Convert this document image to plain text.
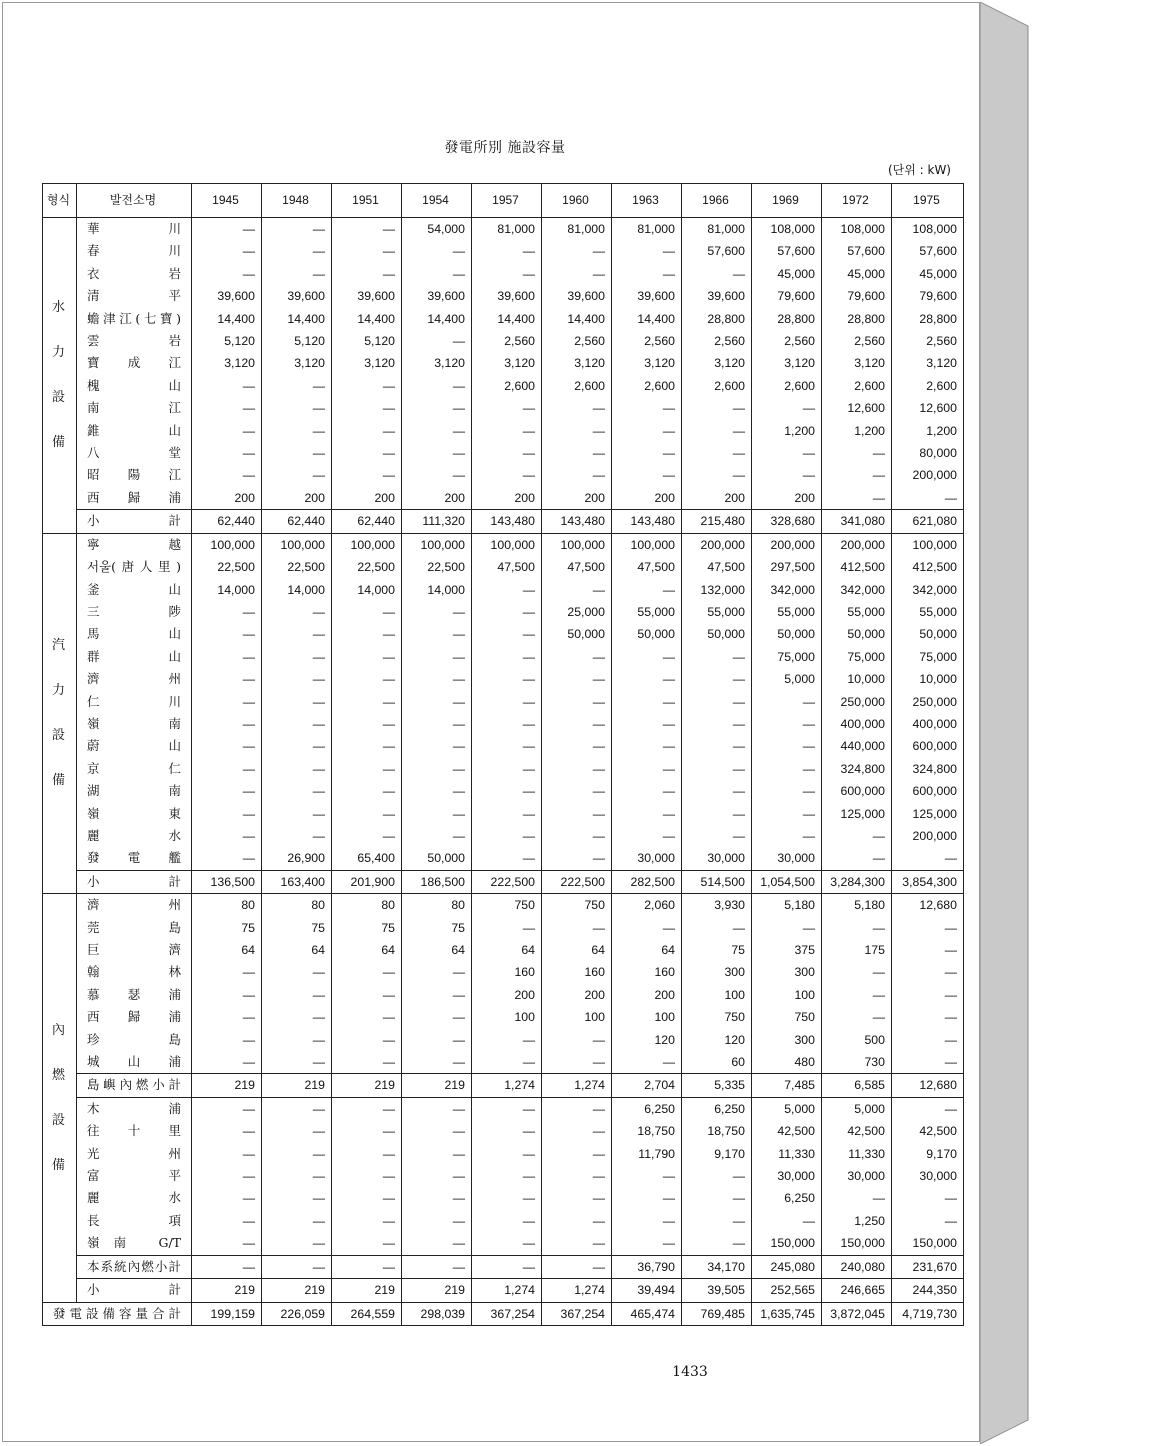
發電所別 施設容量
(단위 : kW)
형식	발전소명	1945	1948	1951	1954	1957	1960	1963	1966	1969	1972	1975

水
力
設
備	華川	—	—	—	54,000	81,000	81,000	81,000	81,000	108,000	108,000	108,000
	春川	—	—	—	—	—	—	—	57,600	57,600	57,600	57,600
	衣岩	—	—	—	—	—	—	—	—	45,000	45,000	45,000
	清平	39,600	39,600	39,600	39,600	39,600	39,600	39,600	39,600	79,600	79,600	79,600
	蟾津江(七寶)	14,400	14,400	14,400	14,400	14,400	14,400	14,400	28,800	28,800	28,800	28,800
	雲岩	5,120	5,120	5,120	—	2,560	2,560	2,560	2,560	2,560	2,560	2,560
	寶成江	3,120	3,120	3,120	3,120	3,120	3,120	3,120	3,120	3,120	3,120	3,120
	槐山	—	—	—	—	2,600	2,600	2,600	2,600	2,600	2,600	2,600
	南江	—	—	—	—	—	—	—	—	—	12,600	12,600
	錐山	—	—	—	—	—	—	—	—	1,200	1,200	1,200
	八堂	—	—	—	—	—	—	—	—	—	—	80,000
	昭陽江	—	—	—	—	—	—	—	—	—	—	200,000
	西歸浦	200	200	200	200	200	200	200	200	200	—	—
	小計	62,440	62,440	62,440	111,320	143,480	143,480	143,480	215,480	328,680	341,080	621,080

汽
力
設
備	寧越	100,000	100,000	100,000	100,000	100,000	100,000	100,000	200,000	200,000	200,000	100,000
	서울(唐人里)	22,500	22,500	22,500	22,500	47,500	47,500	47,500	47,500	297,500	412,500	412,500
	釜山	14,000	14,000	14,000	14,000	—	—	—	132,000	342,000	342,000	342,000
	三陟	—	—	—	—	—	25,000	55,000	55,000	55,000	55,000	55,000
	馬山	—	—	—	—	—	50,000	50,000	50,000	50,000	50,000	50,000
	群山	—	—	—	—	—	—	—	—	75,000	75,000	75,000
	濟州	—	—	—	—	—	—	—	—	5,000	10,000	10,000
	仁川	—	—	—	—	—	—	—	—	—	250,000	250,000
	嶺南	—	—	—	—	—	—	—	—	—	400,000	400,000
	蔚山	—	—	—	—	—	—	—	—	—	440,000	600,000
	京仁	—	—	—	—	—	—	—	—	—	324,800	324,800
	湖南	—	—	—	—	—	—	—	—	—	600,000	600,000
	嶺東	—	—	—	—	—	—	—	—	—	125,000	125,000
	麗水	—	—	—	—	—	—	—	—	—	—	200,000
	發電艦	—	26,900	65,400	50,000	—	—	30,000	30,000	30,000	—	—
	小計	136,500	163,400	201,900	186,500	222,500	222,500	282,500	514,500	1,054,500	3,284,300	3,854,300

內
燃
設
備	濟州	80	80	80	80	750	750	2,060	3,930	5,180	5,180	12,680
	莞島	75	75	75	75	—	—	—	—	—	—	—
	巨濟	64	64	64	64	64	64	64	75	375	175	—
	翰林	—	—	—	—	160	160	160	300	300	—	—
	慕瑟浦	—	—	—	—	200	200	200	100	100	—	—
	西歸浦	—	—	—	—	100	100	100	750	750	—	—
	珍島	—	—	—	—	—	—	120	120	300	500	—
	城山浦	—	—	—	—	—	—	—	60	480	730	—
	島嶼內燃小計	219	219	219	219	1,274	1,274	2,704	5,335	7,485	6,585	12,680
	木浦	—	—	—	—	—	—	6,250	6,250	5,000	5,000	—
	往十里	—	—	—	—	—	—	18,750	18,750	42,500	42,500	42,500
	光州	—	—	—	—	—	—	11,790	9,170	11,330	11,330	9,170
	富平	—	—	—	—	—	—	—	—	30,000	30,000	30,000
	麗水	—	—	—	—	—	—	—	—	6,250	—	—
	長項	—	—	—	—	—	—	—	—	—	1,250	—
	嶺南 G/T	—	—	—	—	—	—	—	—	150,000	150,000	150,000
	本系統內燃小計	—	—	—	—	—	—	36,790	34,170	245,080	240,080	231,670
	小計	219	219	219	219	1,274	1,274	39,494	39,505	252,565	246,665	244,350
發電設備容量合計		199,159	226,059	264,559	298,039	367,254	367,254	465,474	769,485	1,635,745	3,872,045	4,719,730
1433
